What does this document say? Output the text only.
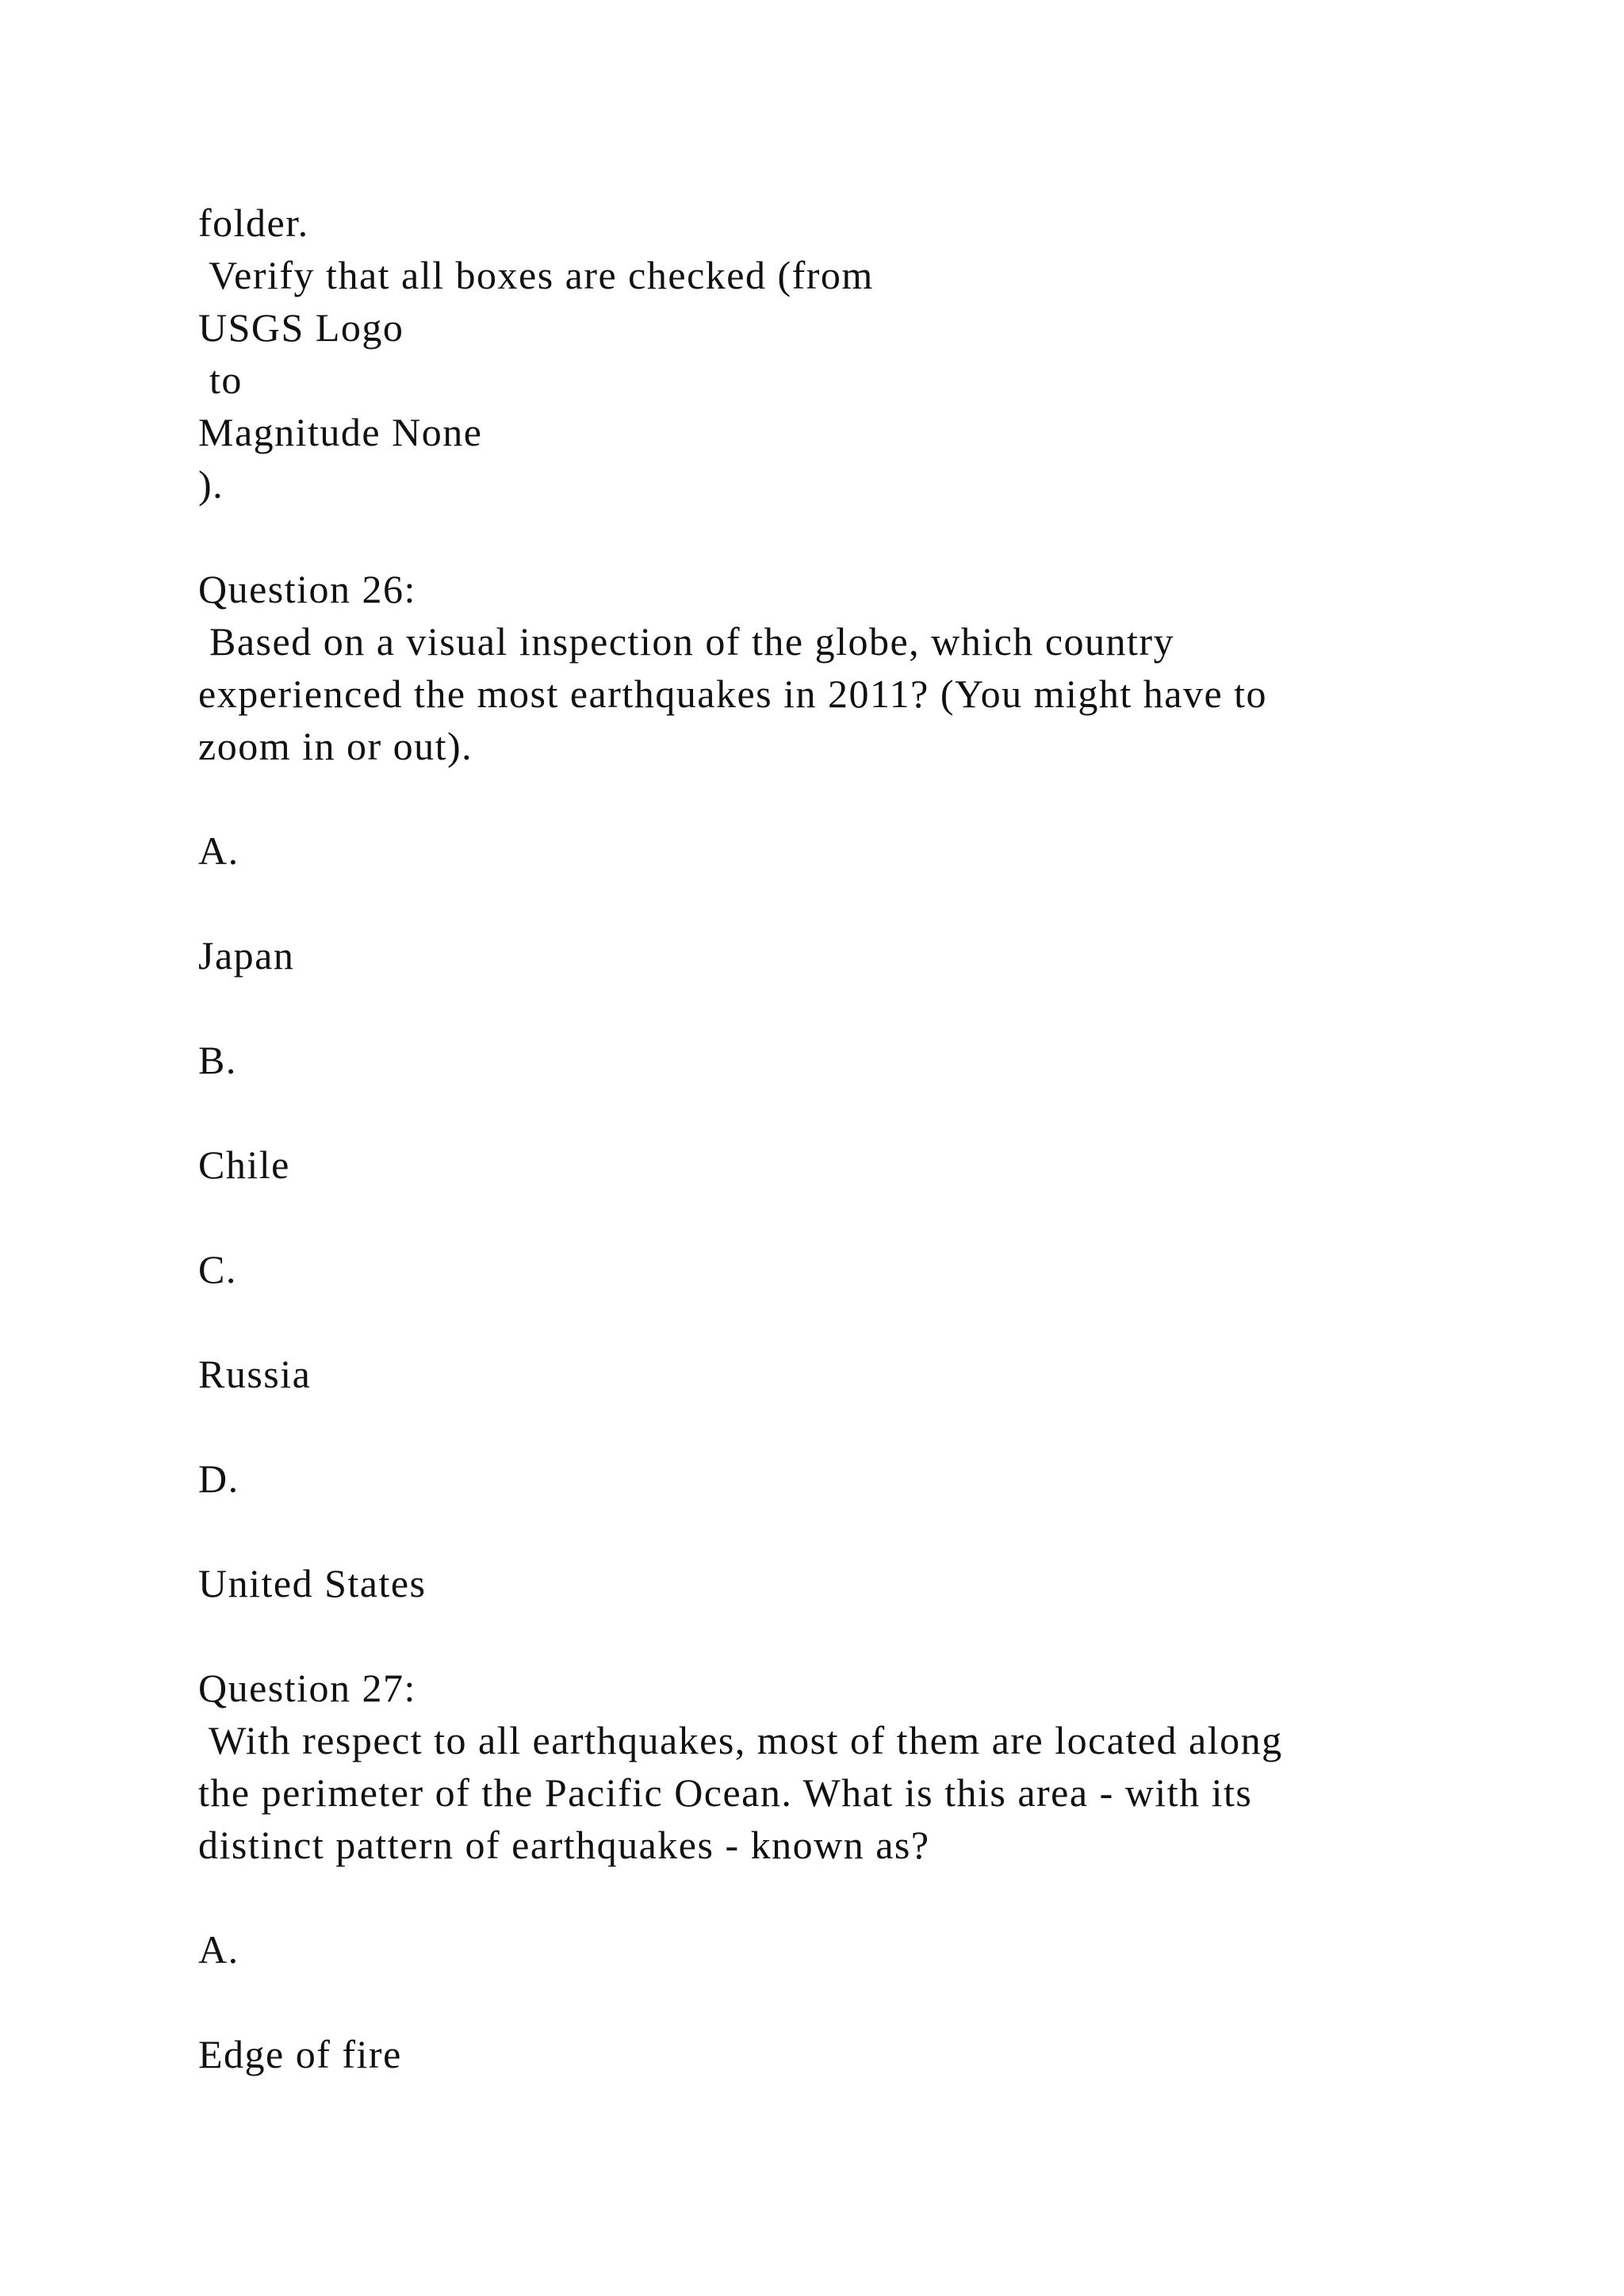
folder.
Verify that all boxes are checked (from
USGS Logo
to
Magnitude None
).
Question 26:
Based on a visual inspection of the globe, which country
experienced the most earthquakes in 2011? (You might have to
zoom in or out).
A.
Japan
B.
Chile
C.
Russia
D.
United States
Question 27:
With respect to all earthquakes, most of them are located along
the perimeter of the Pacific Ocean. What is this area - with its
distinct pattern of earthquakes - known as?
A.
Edge of fire
